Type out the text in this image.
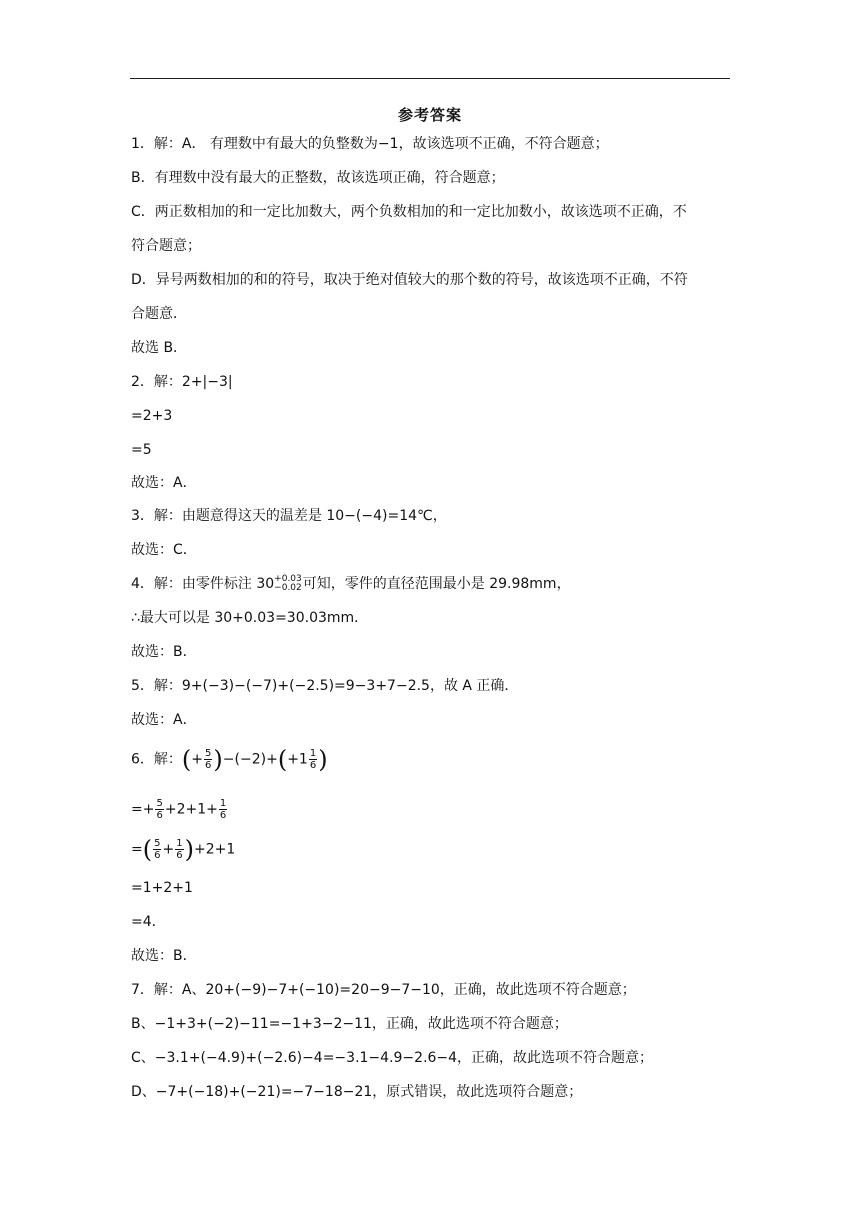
参考答案
1．解：A． 有理数中有最大的负整数为−1，故该选项不正确，不符合题意；
B．有理数中没有最大的正整数，故该选项正确，符合题意；
C．两正数相加的和一定比加数大，两个负数相加的和一定比加数小，故该选项不正确，不
符合题意；
D．异号两数相加的和的符号，取决于绝对值较大的那个数的符号，故该选项不正确，不符
合题意．
故选 B．
2．解：2+|−3|
=2+3
=5
故选：A．
3．解：由题意得这天的温差是 10−(−4)=14℃，
故选：C．
4．解：由零件标注 30 +0.03
−0.02 可知，零件的直径范围最小是 29.98mm，
∴最大可以是 30+0.03=30.03mm．
故选：B．
5．解：9+(−3)−(−7)+(−2.5)=9−3+7−2.5，故 A 正确．
故选：A．
6．解：(+ $\frac{5}{6} )-(-2)+(+1 \frac{1}{6}$ )
=+ $\frac{5}{6} +2+1+ \frac{1}{6}$
=( $\frac{5}{6} + \frac{1}{6} )+2+1$
=1+2+1
=4．
故选：B．
7．解：A、20+(−9)−7+(−10)=20−9−7−10，正确，故此选项不符合题意；
B、−1+3+(−2)−11=−1+3−2−11，正确，故此选项不符合题意；
C、−3.1+(−4.9)+(−2.6)−4=−3.1−4.9−2.6−4，正确，故此选项不符合题意；
D、−7+(−18)+(−21)=−7−18−21，原式错误，故此选项符合题意；
